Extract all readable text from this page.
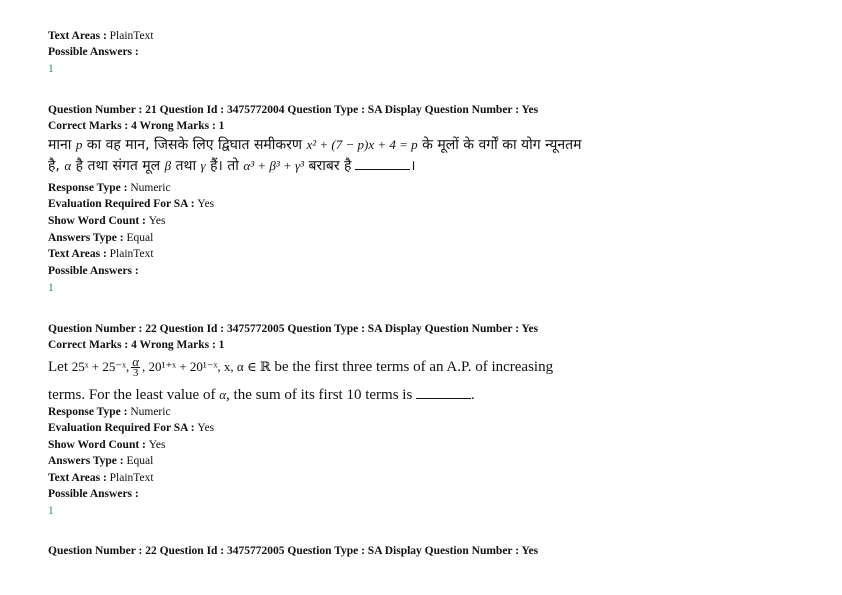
Text Areas : PlainText
Possible Answers :
1
Question Number : 21 Question Id : 3475772004 Question Type : SA Display Question Number : Yes
Correct Marks : 4 Wrong Marks : 1
माना p का वह मान, जिसके लिए द्विघात समीकरण x² + (7 − p)x + 4 = p के मूलों के वर्गों का योग न्यूनतम
है, α है तथा संगत मूल β तथा γ हैं। तो α³ + β³ + γ³ बराबर है	।
Response Type : Numeric
Evaluation Required For SA : Yes
Show Word Count : Yes
Answers Type : Equal
Text Areas : PlainText
Possible Answers :
1
Question Number : 22 Question Id : 3475772005 Question Type : SA Display Question Number : Yes
Correct Marks : 4 Wrong Marks : 1
Let 25ˣ + 25⁻ˣ, $\frac{\alpha}{3}$ , 20¹⁺ˣ + 20¹⁻ˣ, x, α ∈ ℝ be the first three terms of an A.P. of increasing
terms. For the least value of α, the sum of its first 10 terms is	.
Response Type : Numeric
Evaluation Required For SA : Yes
Show Word Count : Yes
Answers Type : Equal
Text Areas : PlainText
Possible Answers :
1
Question Number : 22 Question Id : 3475772005 Question Type : SA Display Question Number : Yes
